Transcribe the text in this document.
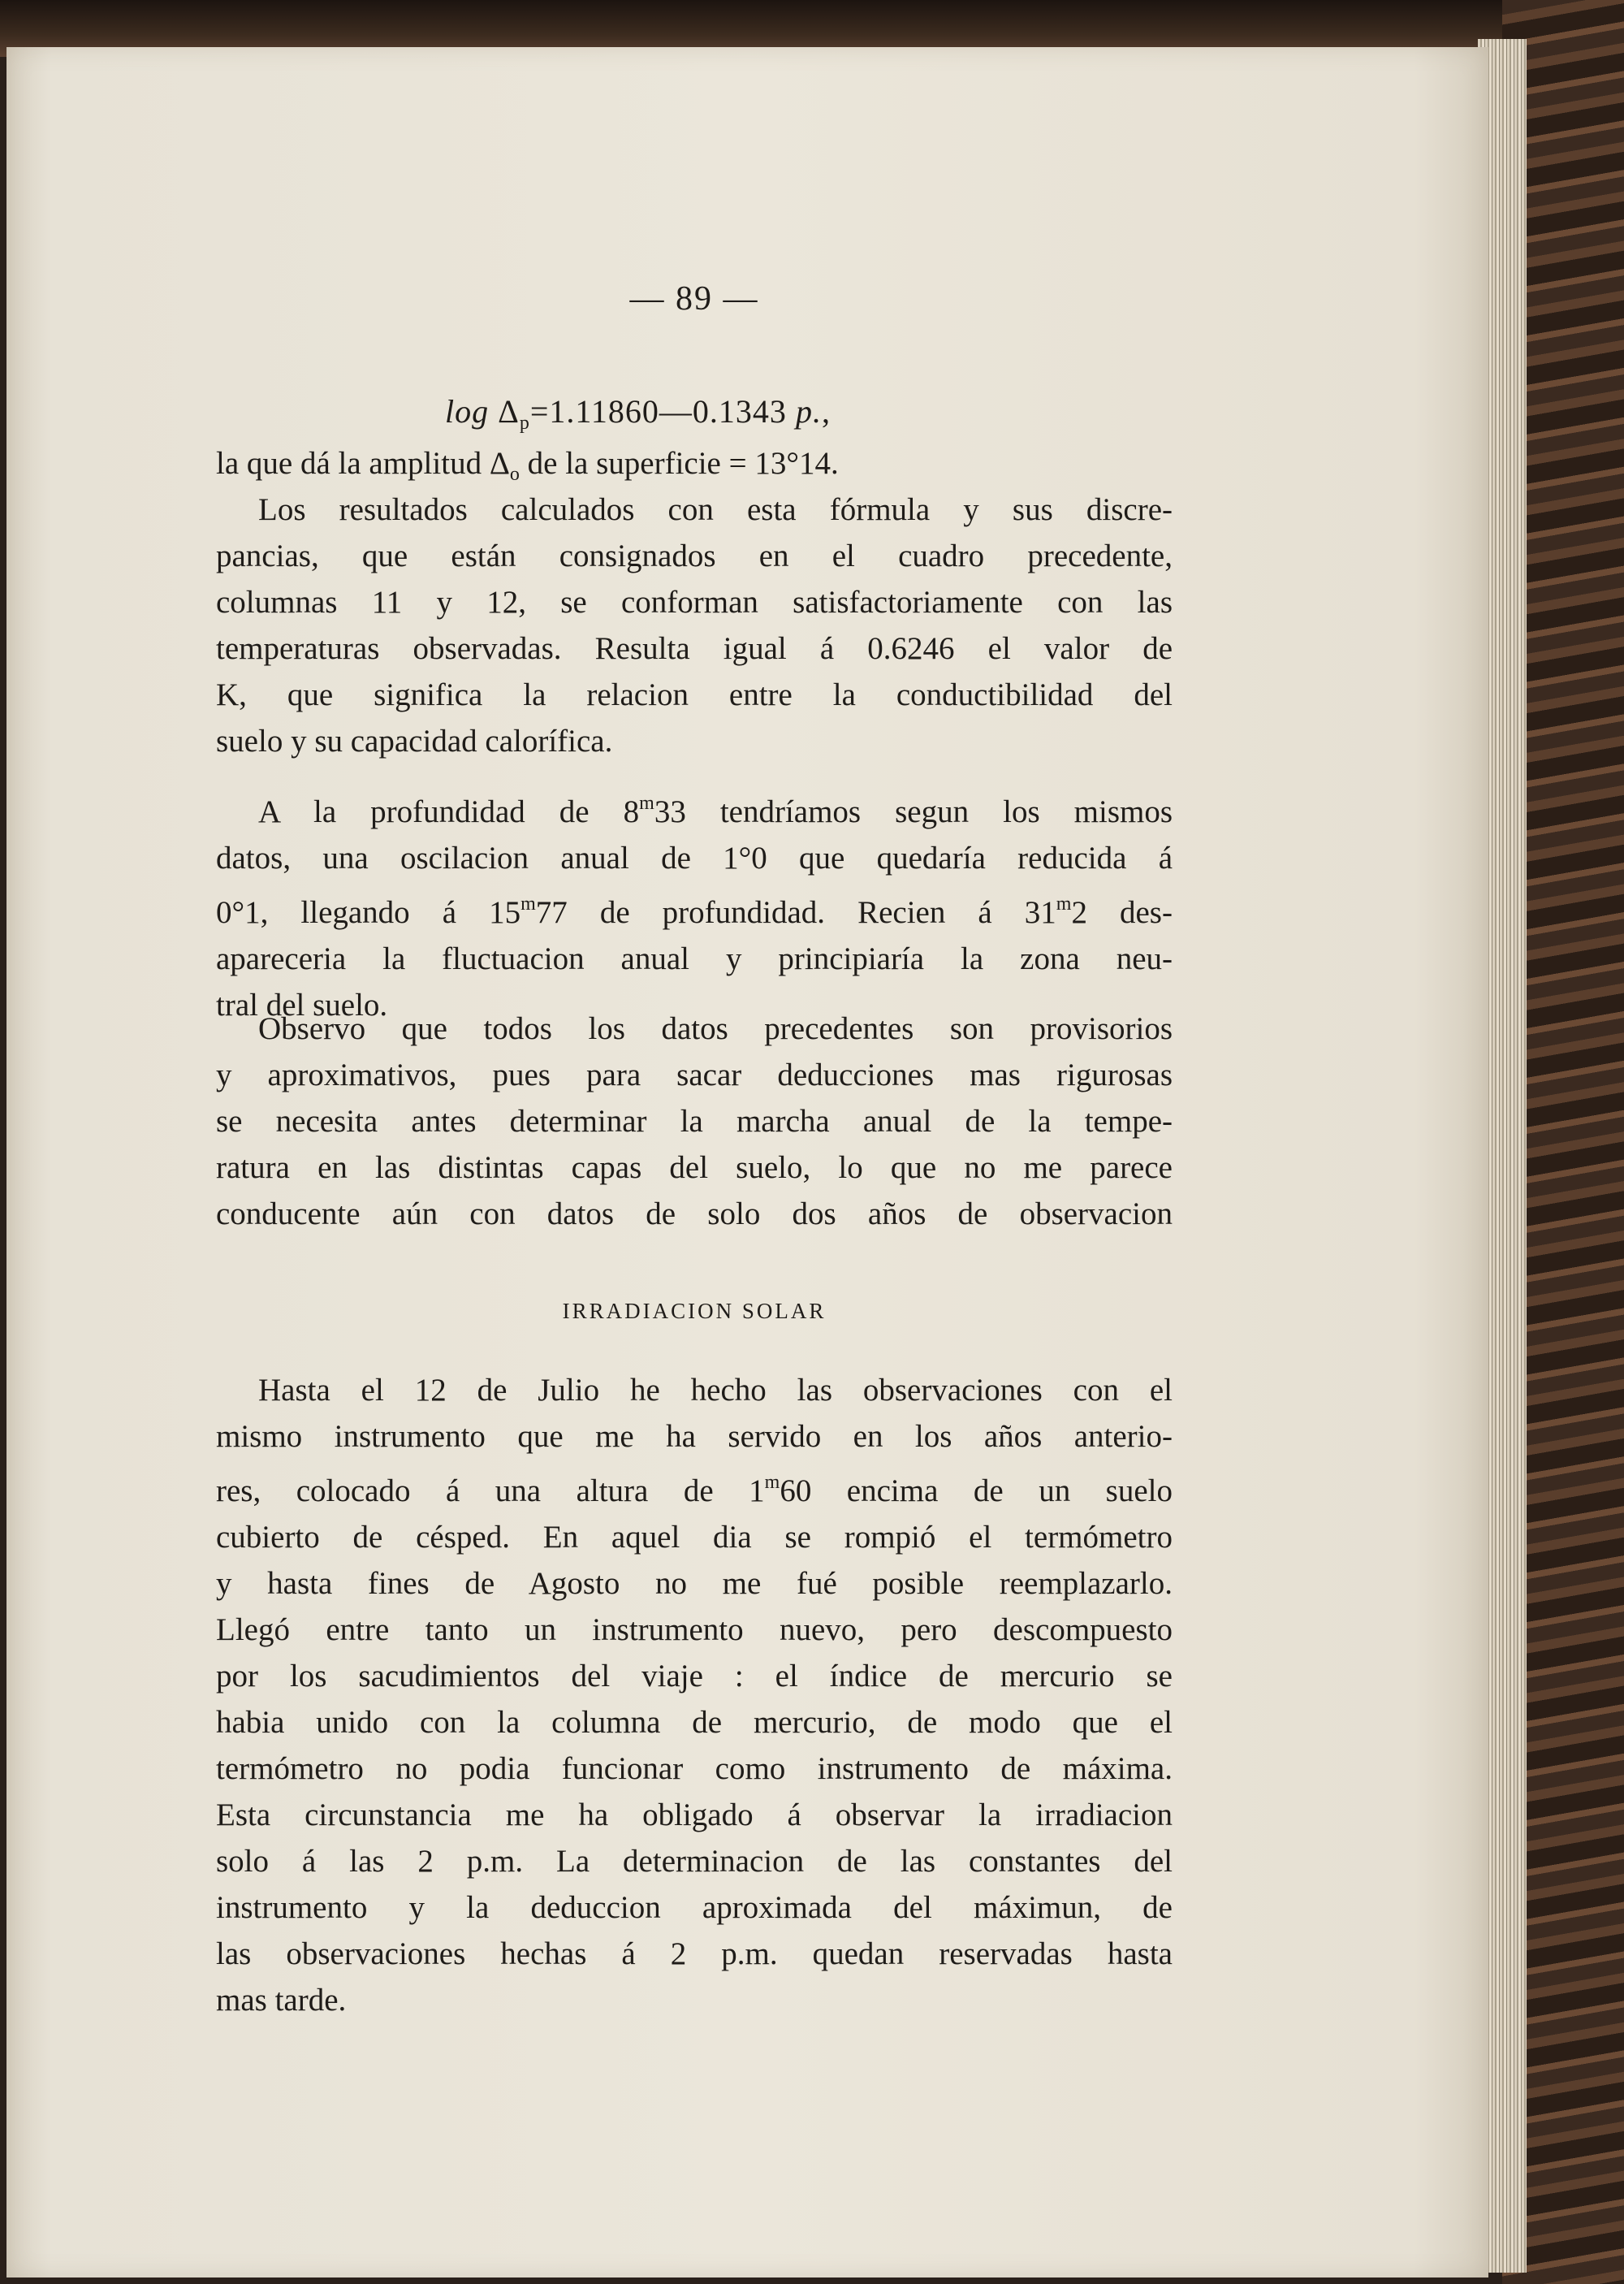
— 89 —
$\log \Delta_p=1.11860—0.1343$ p.,
la que dá la amplitud $\Delta_o$ de la superficie = 13°14.
Los resultados calculados con esta fórmula y sus discre-
pancias, que están consignados en el cuadro precedente,
columnas 11 y 12, se conforman satisfactoriamente con las
temperaturas observadas. Resulta igual á 0.6246 el valor de
K, que significa la relacion entre la conductibilidad del
suelo y su capacidad calorífica.
A la profundidad de 8$^m$33 tendríamos segun los mismos
datos, una oscilacion anual de 1°0 que quedaría reducida á
0°1, llegando á 15$^m$77 de profundidad. Recien á 31$^m$2 des-
apareceria la fluctuacion anual y principiaría la zona neu-
tral del suelo.
Observo que todos los datos precedentes son provisorios
y aproximativos, pues para sacar deducciones mas rigurosas
se necesita antes determinar la marcha anual de la tempe-
ratura en las distintas capas del suelo, lo que no me parece
conducente aún con datos de solo dos años de observacion
IRRADIACION SOLAR
Hasta el 12 de Julio he hecho las observaciones con el
mismo instrumento que me ha servido en los años anterio-
res, colocado á una altura de 1$^m$60 encima de un suelo
cubierto de césped. En aquel dia se rompió el termómetro
y hasta fines de Agosto no me fué posible reemplazarlo.
Llegó entre tanto un instrumento nuevo, pero descompuesto
por los sacudimientos del viaje : el índice de mercurio se
habia unido con la columna de mercurio, de modo que el
termómetro no podia funcionar como instrumento de máxima.
Esta circunstancia me ha obligado á observar la irradiacion
solo á las 2 p.m. La determinacion de las constantes del
instrumento y la deduccion aproximada del máximun, de
las observaciones hechas á 2 p.m. quedan reservadas hasta
mas tarde.
